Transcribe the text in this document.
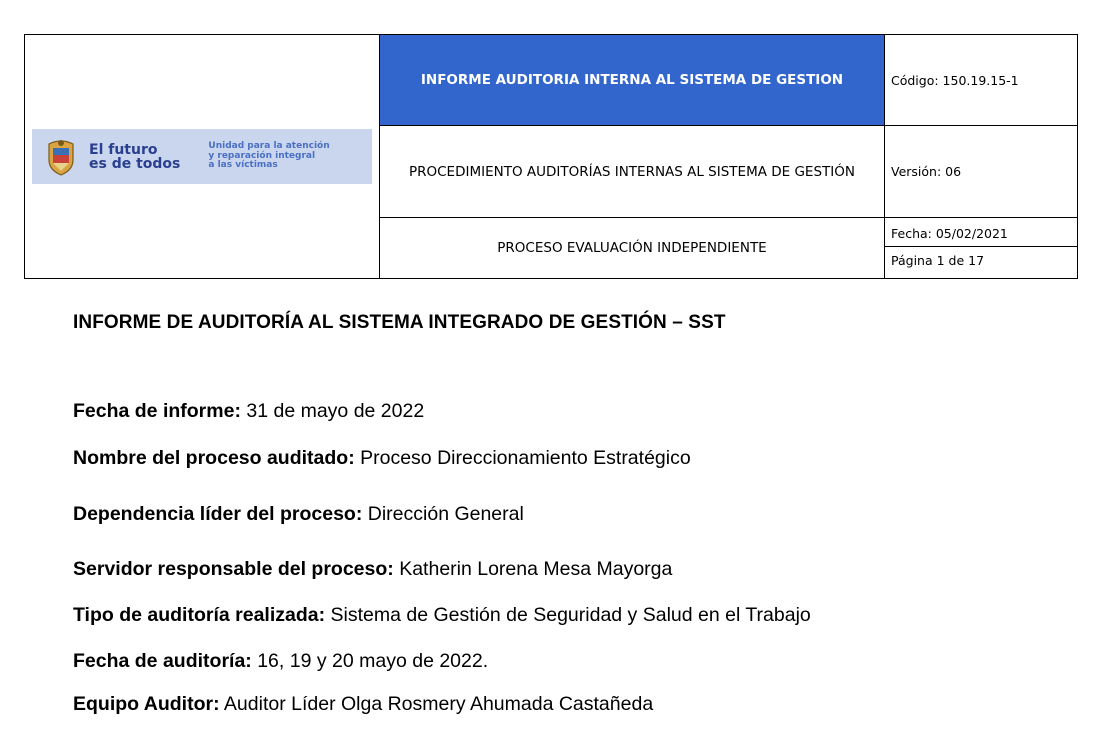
El futuro
es de todos
Unidad para la atención
y reparación integral
a las víctimas	INFORME AUDITORIA INTERNA AL SISTEMA DE GESTION	Código: 150.19.15-1
	PROCEDIMIENTO AUDITORÍAS INTERNAS AL SISTEMA DE GESTIÓN	Versión: 06
	PROCESO EVALUACIÓN INDEPENDIENTE	Fecha: 05/02/2021
Página 1 de 17
INFORME DE AUDITORÍA AL SISTEMA INTEGRADO DE GESTIÓN – SST
Fecha de informe: 31 de mayo de 2022
Nombre del proceso auditado: Proceso Direccionamiento Estratégico
Dependencia líder del proceso: Dirección General
Servidor responsable del proceso: Katherin Lorena Mesa Mayorga
Tipo de auditoría realizada: Sistema de Gestión de Seguridad y Salud en el Trabajo
Fecha de auditoría: 16, 19 y 20 mayo de 2022.
Equipo Auditor: Auditor Líder Olga Rosmery Ahumada Castañeda
